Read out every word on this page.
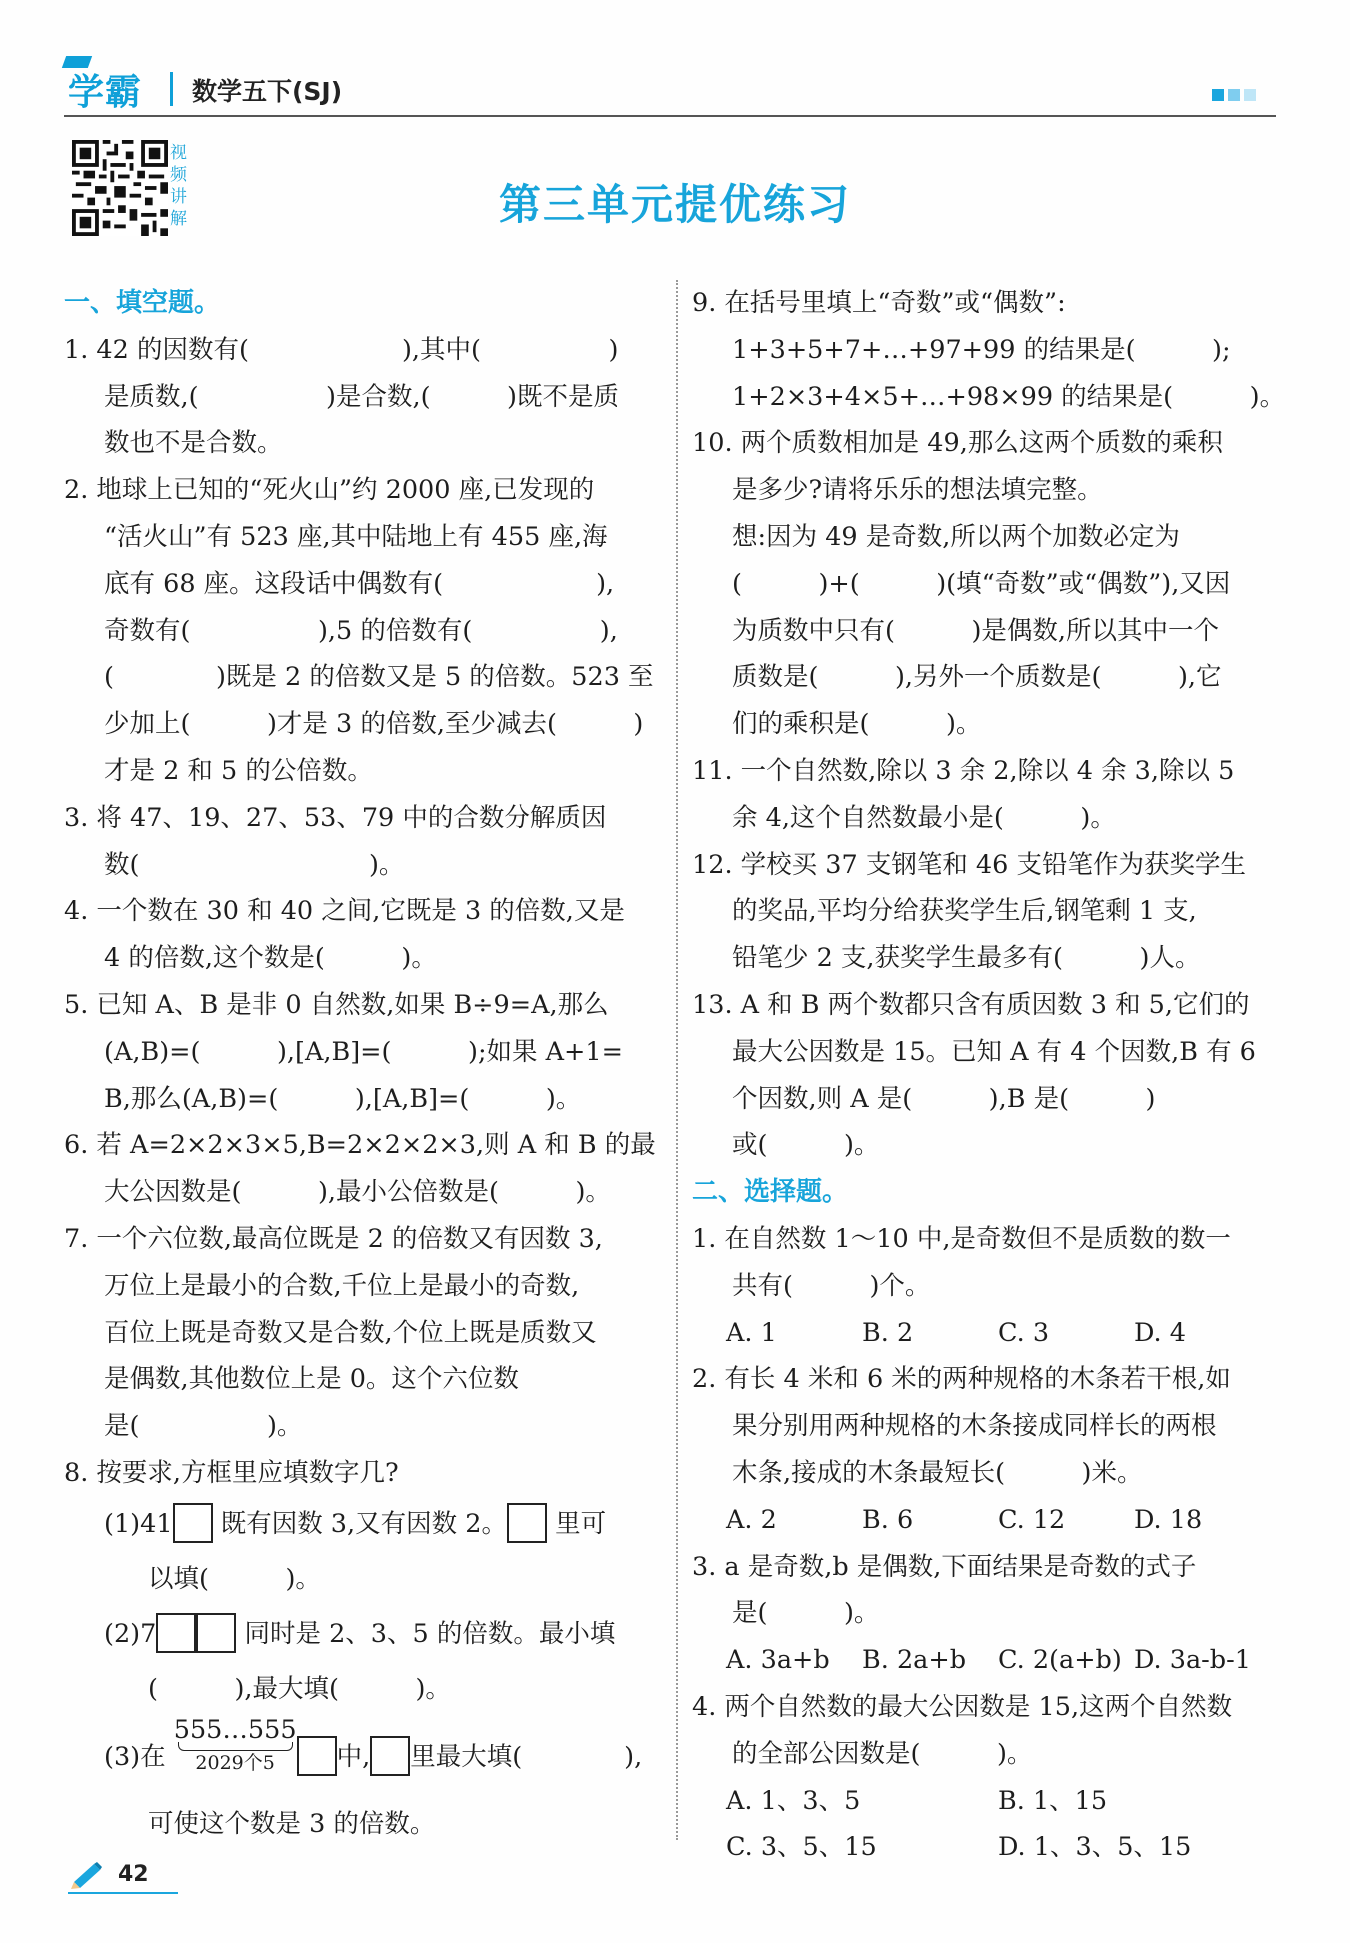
学霸 数学五下(SJ)
视频讲解	第三单元提优练习
一、填空题。
1. 42 的因数有(　　　　　　),其中(　　　　　)
是质数,(　　　　　)是合数,(　　　)既不是质
数也不是合数。
2. 地球上已知的“死火山”约 2000 座,已发现的
“活火山”有 523 座,其中陆地上有 455 座,海
底有 68 座。这段话中偶数有(　　　　　　),
奇数有(　　　　　),5 的倍数有(　　　　　),
(　　　　)既是 2 的倍数又是 5 的倍数。523 至
少加上(　　　)才是 3 的倍数,至少减去(　　　)
才是 2 和 5 的公倍数。
3. 将 47、19、27、53、79 中的合数分解质因
数(　　　　　　　　　)。
4. 一个数在 30 和 40 之间,它既是 3 的倍数,又是
4 的倍数,这个数是(　　　)。
5. 已知 A、B 是非 0 自然数,如果 B÷9=A,那么
(A,B)=(　　　),[A,B]=(　　　);如果 A+1=
B,那么(A,B)=(　　　),[A,B]=(　　　)。
6. 若 A=2×2×3×5,B=2×2×2×3,则 A 和 B 的最
大公因数是(　　　),最小公倍数是(　　　)。
7. 一个六位数,最高位既是 2 的倍数又有因数 3,
万位上是最小的合数,千位上是最小的奇数,
百位上既是奇数又是合数,个位上既是质数又
是偶数,其他数位上是 0。这个六位数
是(　　　　　)。
8. 按要求,方框里应填数字几?
(1)41 既有因数 3,又有因数 2。 里可
以填(　　　)。
(2)7	同时是 2、3、5 的倍数。最小填
(　　　),最大填(　　　)。
(3)在
555…555
2029个5	中, 里最大填(　　　　),
可使这个数是 3 的倍数。
9. 在括号里填上“奇数”或“偶数”:
1+3+5+7+…+97+99 的结果是(　　　);
1+2×3+4×5+…+98×99 的结果是(　　　)。
10. 两个质数相加是 49,那么这两个质数的乘积
是多少?请将乐乐的想法填完整。
想:因为 49 是奇数,所以两个加数必定为
(　　　)+(　　　)(填“奇数”或“偶数”),又因
为质数中只有(　　　)是偶数,所以其中一个
质数是(　　　),另外一个质数是(　　　),它
们的乘积是(　　　)。
11. 一个自然数,除以 3 余 2,除以 4 余 3,除以 5
余 4,这个自然数最小是(　　　)。
12. 学校买 37 支钢笔和 46 支铅笔作为获奖学生
的奖品,平均分给获奖学生后,钢笔剩 1 支,
铅笔少 2 支,获奖学生最多有(　　　)人。
13. A 和 B 两个数都只含有质因数 3 和 5,它们的
最大公因数是 15。已知 A 有 4 个因数,B 有 6
个因数,则 A 是(　　　),B 是(　　　)
或(　　　)。
二、选择题。
1. 在自然数 1～10 中,是奇数但不是质数的数一
共有(　　　)个。
A. 1	B. 2	C. 3	D. 4
2. 有长 4 米和 6 米的两种规格的木条若干根,如
果分别用两种规格的木条接成同样长的两根
木条,接成的木条最短长(　　　)米。
A. 2	B. 6	C. 12	D. 18
3. a 是奇数,b 是偶数,下面结果是奇数的式子
是(　　　)。
A. 3a+b	B. 2a+b	C. 2(a+b) D. 3a-b-1
4. 两个自然数的最大公因数是 15,这两个自然数
的全部公因数是(　　　)。
A. 1、3、5	B. 1、15
C. 3、5、15	D. 1、3、5、15
42
